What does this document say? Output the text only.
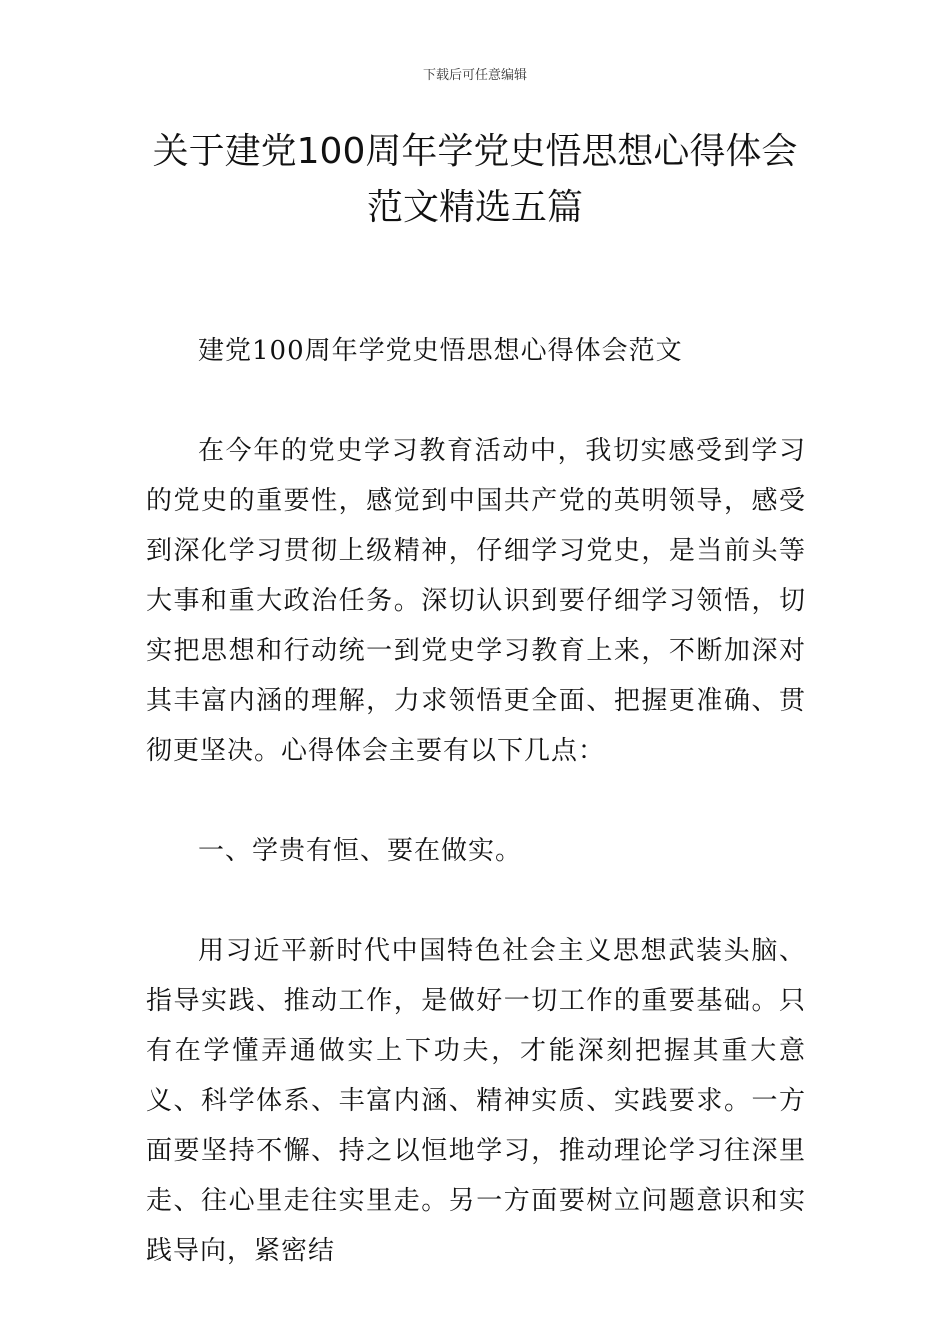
下载后可任意编辑
关于建党100周年学党史悟思想心得体会
范文精选五篇

建党100周年学党史悟思想心得体会范文

在今年的党史学习教育活动中，我切实感受到学习的党史的重要性，感觉到中国共产党的英明领导，感受到深化学习贯彻上级精神，仔细学习党史，是当前头等大事和重大政治任务。深切认识到要仔细学习领悟，切实把思想和行动统一到党史学习教育上来，不断加深对其丰富内涵的理解，力求领悟更全面、把握更准确、贯彻更坚决。心得体会主要有以下几点：

一、学贵有恒、要在做实。

用习近平新时代中国特色社会主义思想武装头脑、指导实践、推动工作，是做好一切工作的重要基础。只有在学懂弄通做实上下功夫，才能深刻把握其重大意义、科学体系、丰富内涵、精神实质、实践要求。一方面要坚持不懈、持之以恒地学习，推动理论学习往深里走、往心里走往实里走。另一方面要树立问题意识和实践导向，紧密结
